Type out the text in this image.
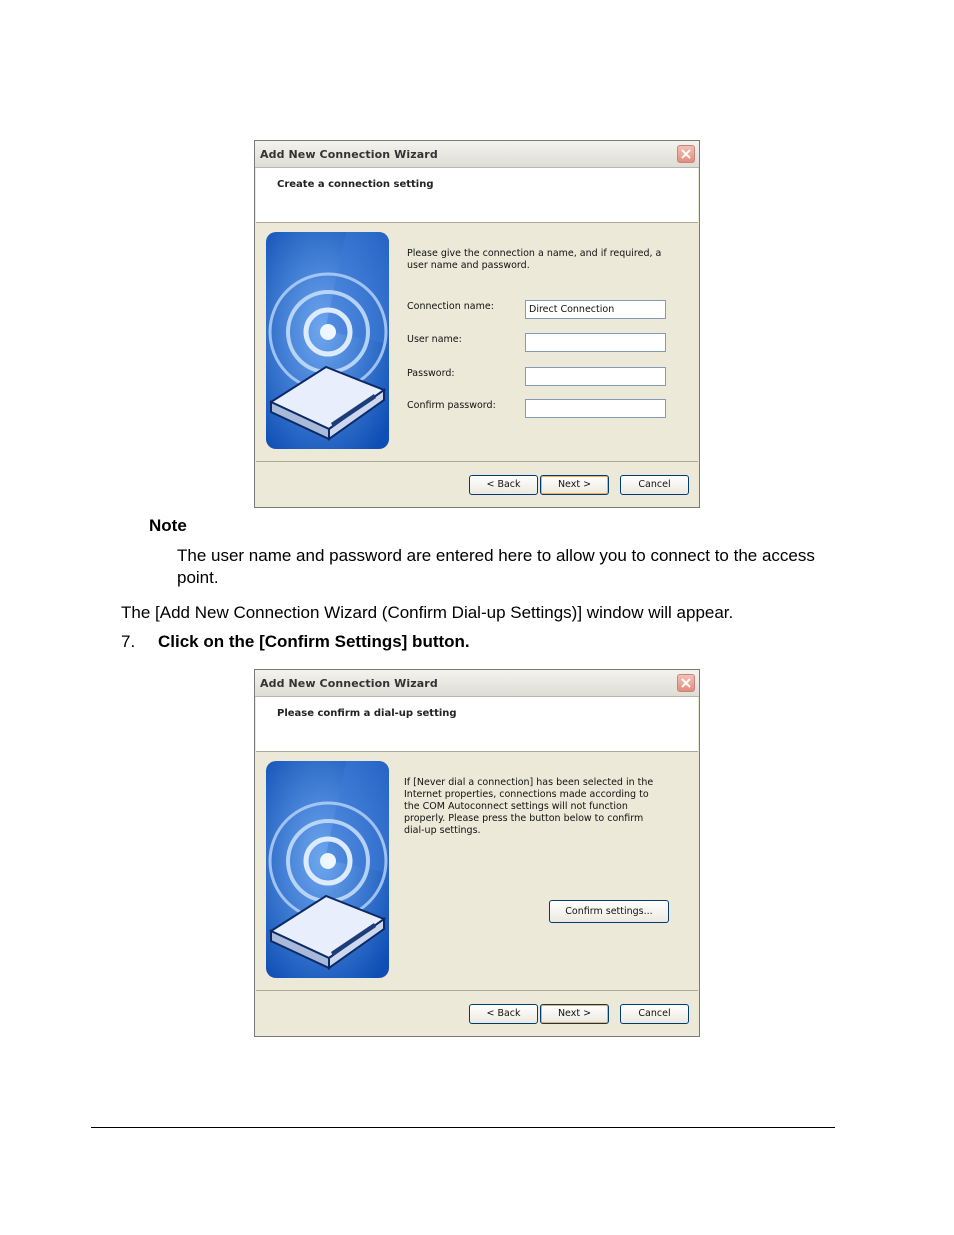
Add New Connection Wizard
Create a connection setting
Please give the connection a name, and if required, a user name and password.
Connection name:	Direct Connection
User name:
Password:
Confirm password:
< Back	Next >	Cancel
Note
The user name and password are entered here to allow you to connect to the access point.
The [Add New Connection Wizard (Confirm Dial-up Settings)] window will appear.
7. Click on the [Confirm Settings] button.
Add New Connection Wizard
Please confirm a dial-up setting
If [Never dial a connection] has been selected in the Internet properties, connections made according to the COM Autoconnect settings will not function properly. Please press the button below to confirm dial-up settings.
Confirm settings...
< Back	Next >	Cancel
